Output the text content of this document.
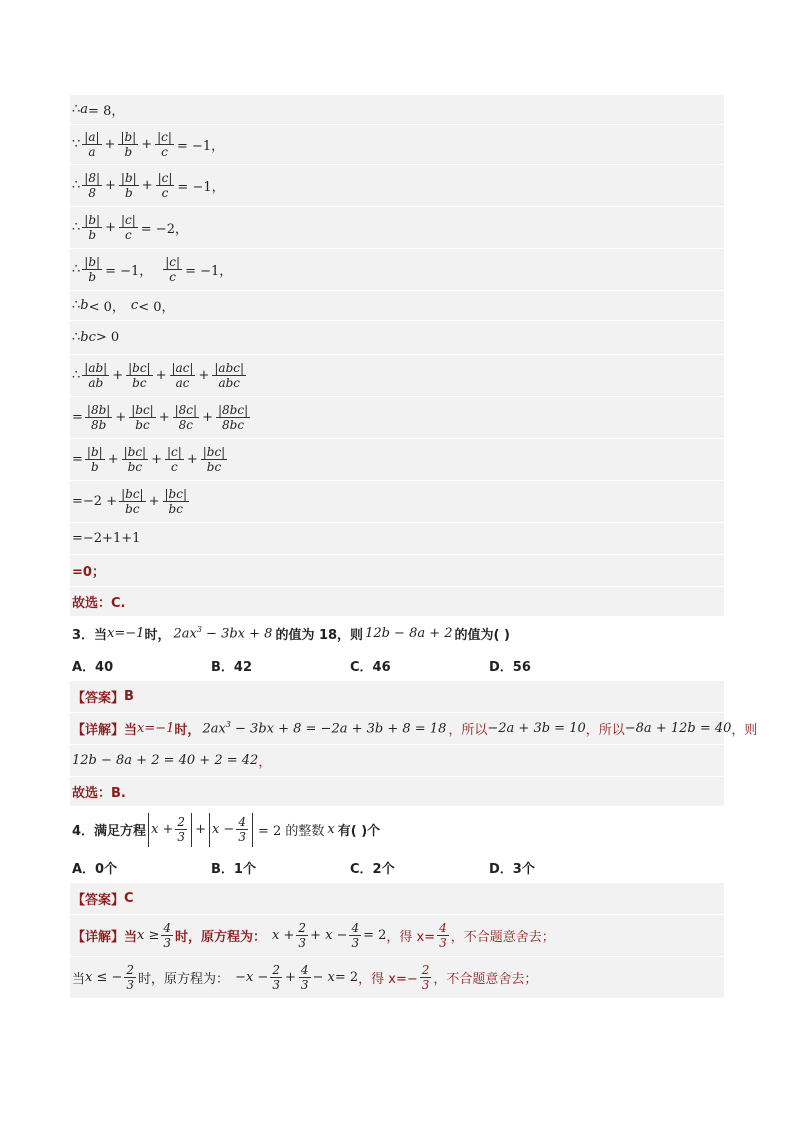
∴ a = 8，
∵ $\frac{|a|}{a} + \frac{|b|}{b} + \frac{|c|}{c} = -1$，
∴ $\frac{|8|}{8} + \frac{|b|}{b} + \frac{|c|}{c} = -1$，
∴ $\frac{|b|}{b} + \frac{|c|}{c} = -2$，
∴ $\frac{|b|}{b} = -1$， $\frac{|c|}{c} = -1$，
∴ b < 0， c < 0，
∴ bc > 0
∴ $\frac{|ab|}{ab} + \frac{|bc|}{bc} + \frac{|ac|}{ac} + \frac{\text{|abc|}}{\text{abc}}$
= $\frac{|8b|}{8b} + \frac{|bc|}{bc} + \frac{|8c|}{8c} + \frac{|8bc|}{8bc}$
= $\frac{|b|}{b} + \frac{|bc|}{bc} + \frac{|c|}{c} + \frac{|bc|}{bc}$
$=-2 + \frac{|bc|}{bc} + \frac{|bc|}{bc}$
=−2+1+1
=0；
故选：C.
3． 当 x=−1 时， $2ax^3 - 3bx + 8$ 的值为 18，则 12b − 8a + 2 的值为( )
A．40	B．42	C．46	D．56
【答案】 B
【详解】 当 x=−1 时， $2ax^3 - 3bx + 8 = -2a + 3b + 8 = 18$ ，所以 −2a + 3b = 10 ，所以 −8a + 12b = 40 ，则
12b − 8a + 2 = 40 + 2 = 42 ，
故选：B.
4． 满足方程 $x + \frac{2}{3} + x - \frac{4}{3} = 2$ 的整数 x 有( )个
A．0个	B．1个	C．2个	D．3个
【答案】 C
【详解】 当 $x \ge \frac{4}{3}$ 时，原方程为： $x + \frac{2}{3} + x - \frac{4}{3} = 2$ ，得 $x= \frac{4}{3}$ ，不合题意舍去；
当 x ≤ − $\frac{2}{3}$ 时，原方程为： $-x - \frac{2}{3} + \frac{4}{3} - x = 2$ ，得 $x=- \frac{2}{3}$ ，不合题意舍去；
